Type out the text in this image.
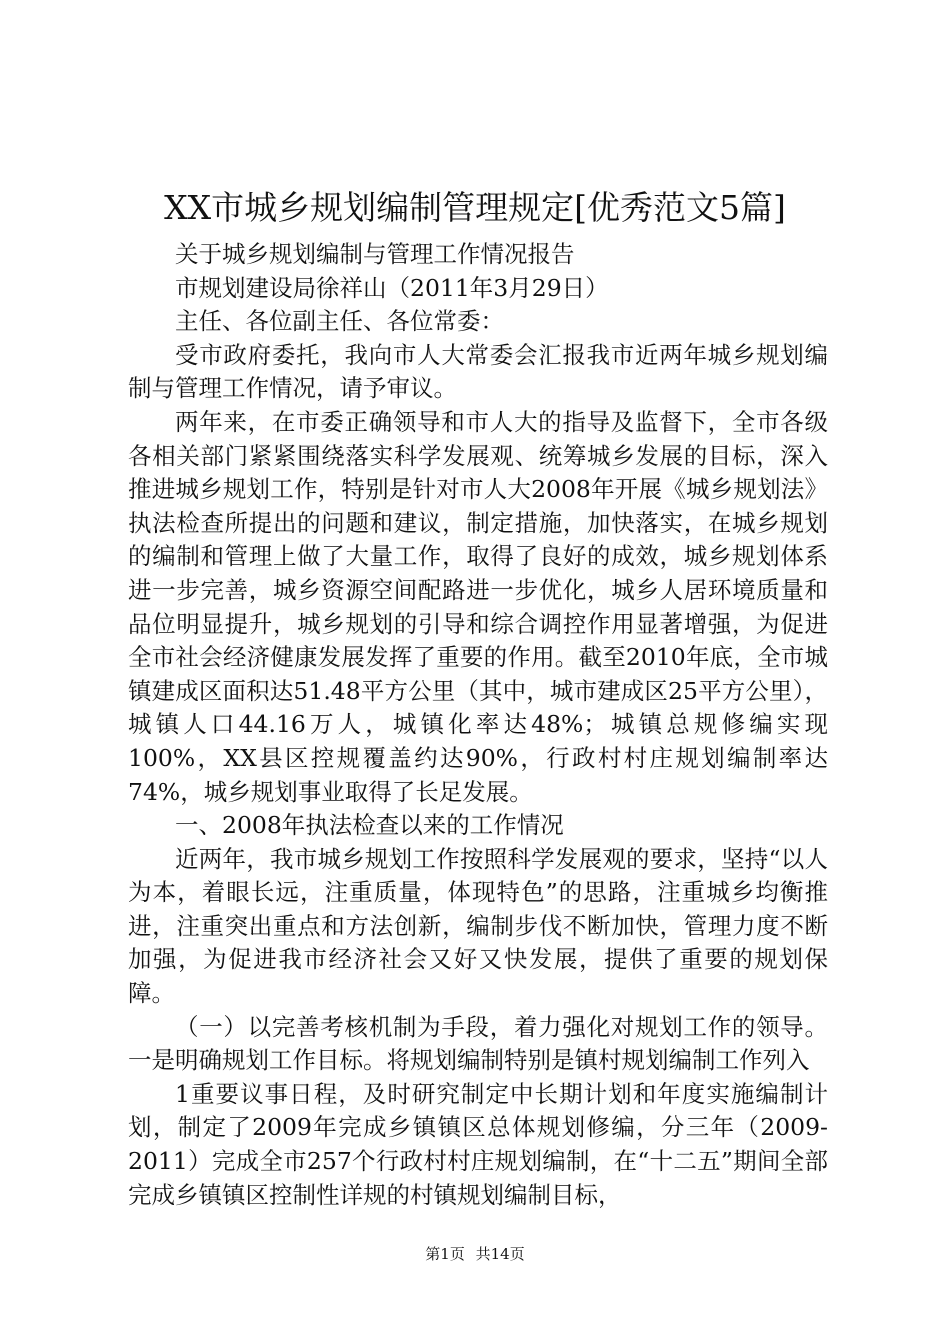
XX市城乡规划编制管理规定[优秀范文5篇]

关于城乡规划编制与管理工作情况报告

市规划建设局徐祥山（2011年3月29日）

主任、各位副主任、各位常委：

受市政府委托，我向市人大常委会汇报我市近两年城乡规划编制与管理工作情况，请予审议。

两年来，在市委正确领导和市人大的指导及监督下，全市各级各相关部门紧紧围绕落实科学发展观、统筹城乡发展的目标，深入推进城乡规划工作，特别是针对市人大2008年开展《城乡规划法》执法检查所提出的问题和建议，制定措施，加快落实，在城乡规划的编制和管理上做了大量工作，取得了良好的成效，城乡规划体系进一步完善，城乡资源空间配路进一步优化，城乡人居环境质量和品位明显提升，城乡规划的引导和综合调控作用显著增强，为促进全市社会经济健康发展发挥了重要的作用。截至2010年底，全市城镇建成区面积达51.48平方公里（其中，城市建成区25平方公里），城镇人口44.16万人，城镇化率达48%；城镇总规修编实现100%，XX县区控规覆盖约达90%，行政村村庄规划编制率达74%，城乡规划事业取得了长足发展。

一、2008年执法检查以来的工作情况

近两年，我市城乡规划工作按照科学发展观的要求，坚持“以人为本，着眼长远，注重质量，体现特色”的思路，注重城乡均衡推进，注重突出重点和方法创新，编制步伐不断加快，管理力度不断加强，为促进我市经济社会又好又快发展，提供了重要的规划保障。

（一）以完善考核机制为手段，着力强化对规划工作的领导。一是明确规划工作目标。将规划编制特别是镇村规划编制工作列入

1重要议事日程，及时研究制定中长期计划和年度实施编制计划，制定了2009年完成乡镇镇区总体规划修编，分三年（2009-2011）完成全市257个行政村村庄规划编制，在“十二五”期间全部完成乡镇镇区控制性详规的村镇规划编制目标，

第1页 共14页
